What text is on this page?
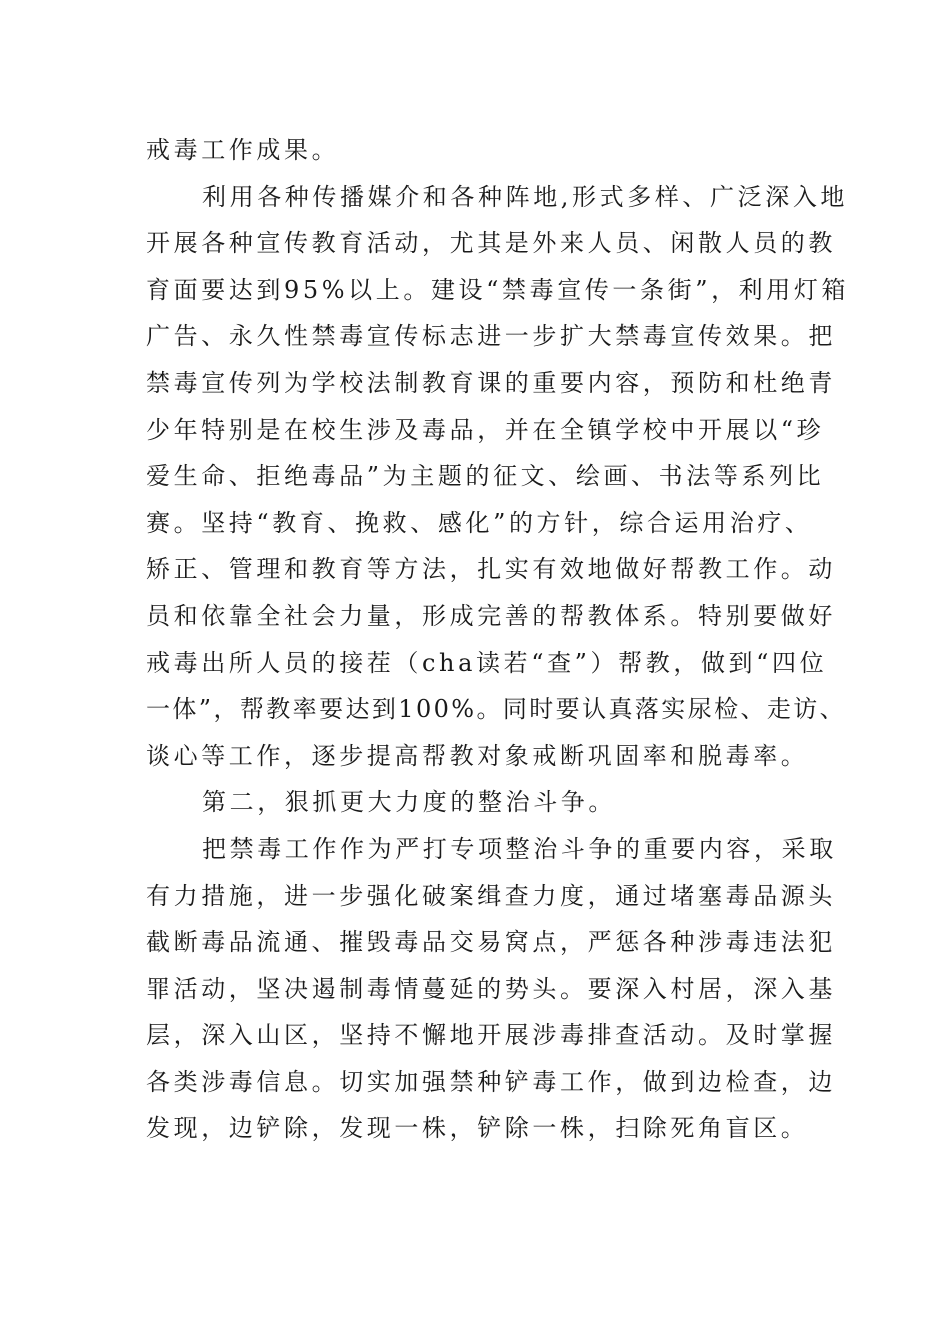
戒毒工作成果。
利用各种传播媒介和各种阵地,形式多样、广泛深入地
开展各种宣传教育活动，尤其是外来人员、闲散人员的教
育面要达到95%以上。建设“禁毒宣传一条街”，利用灯箱
广告、永久性禁毒宣传标志进一步扩大禁毒宣传效果。把
禁毒宣传列为学校法制教育课的重要内容，预防和杜绝青
少年特别是在校生涉及毒品，并在全镇学校中开展以“珍
爱生命、拒绝毒品”为主题的征文、绘画、书法等系列比
赛。坚持“教育、挽救、感化”的方针，综合运用治疗、
矫正、管理和教育等方法，扎实有效地做好帮教工作。动
员和依靠全社会力量，形成完善的帮教体系。特别要做好
戒毒出所人员的接茬（cha读若“查”）帮教，做到“四位
一体”，帮教率要达到100%。同时要认真落实尿检、走访、
谈心等工作，逐步提高帮教对象戒断巩固率和脱毒率。
第二，狠抓更大力度的整治斗争。
把禁毒工作作为严打专项整治斗争的重要内容，采取
有力措施，进一步强化破案缉查力度，通过堵塞毒品源头
截断毒品流通、摧毁毒品交易窝点，严惩各种涉毒违法犯
罪活动，坚决遏制毒情蔓延的势头。要深入村居，深入基
层，深入山区，坚持不懈地开展涉毒排查活动。及时掌握
各类涉毒信息。切实加强禁种铲毒工作，做到边检查，边
发现，边铲除，发现一株，铲除一株，扫除死角盲区。
